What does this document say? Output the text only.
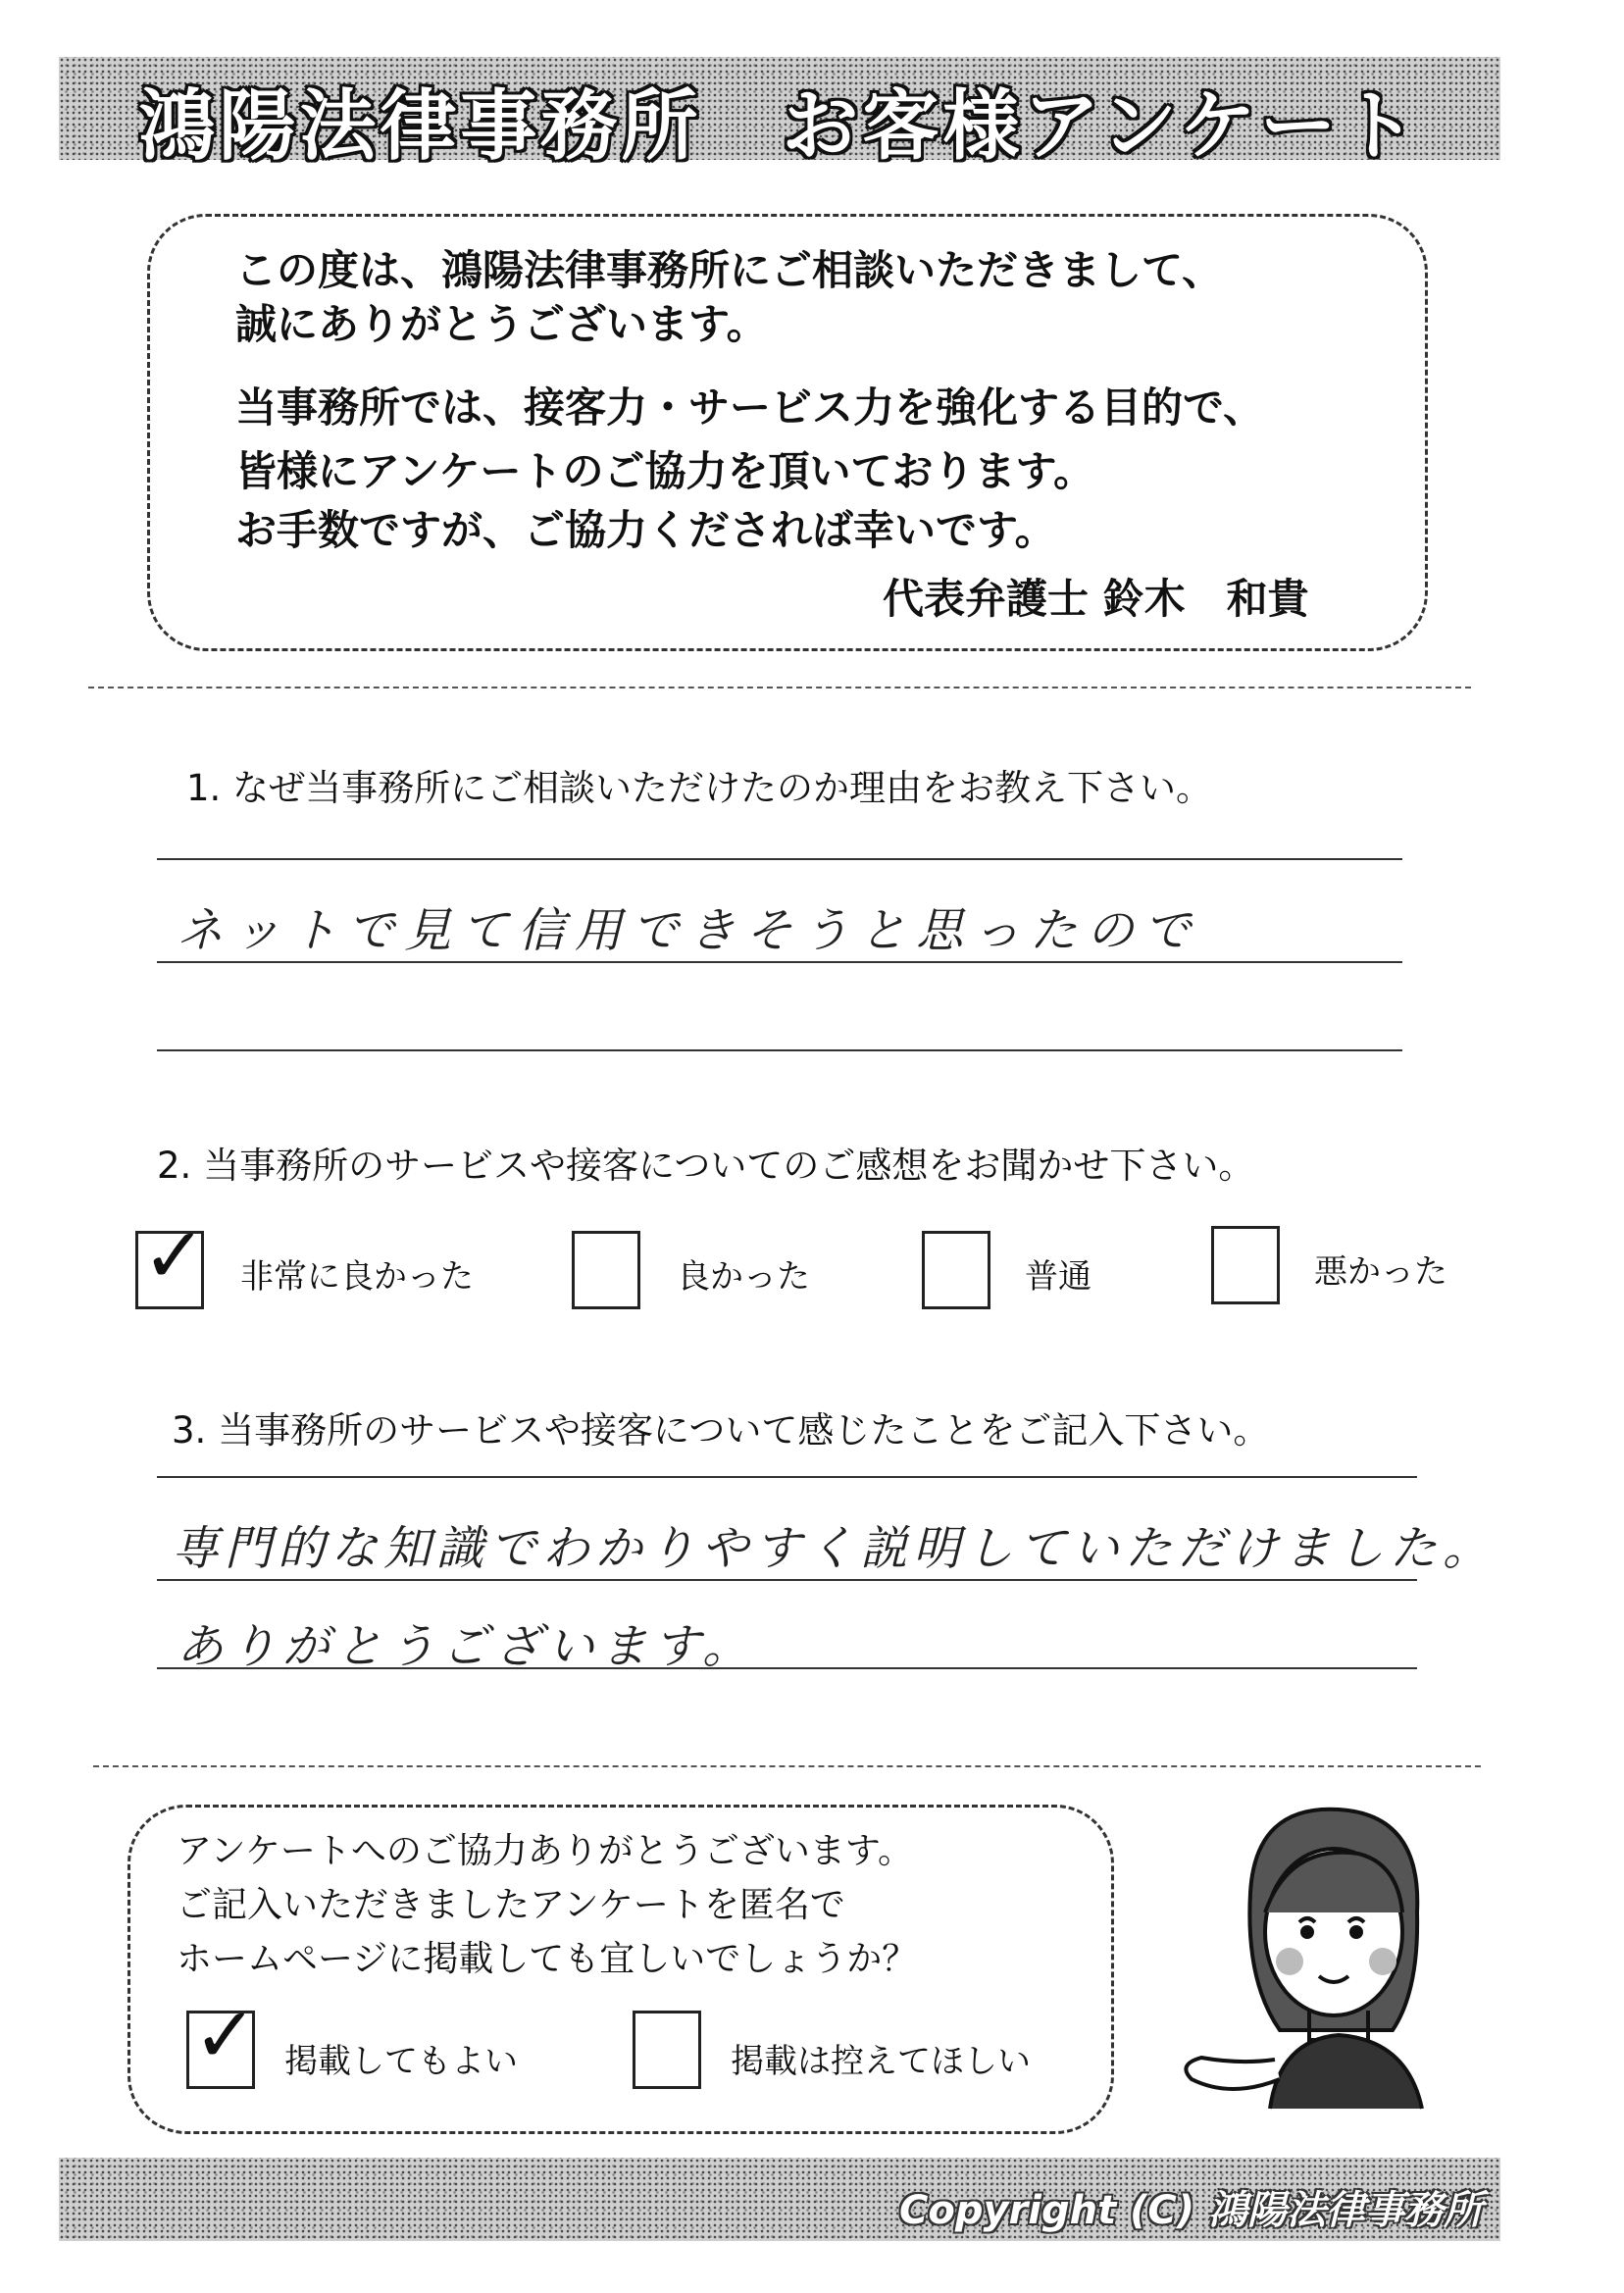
鴻陽法律事務所　お客様アンケート
この度は、鴻陽法律事務所にご相談いただきまして、
誠にありがとうございます。
当事務所では、接客力・サービス力を強化する目的で、
皆様にアンケートのご協力を頂いております。
お手数ですが、ご協力くだされば幸いです。
代表弁護士 鈴木　和貴
1. なぜ当事務所にご相談いただけたのか理由をお教え下さい。
ネットで見て信用できそうと思ったので
2. 当事務所のサービスや接客についてのご感想をお聞かせ下さい。
✓ 非常に良かった	良かった	普通	悪かった
3. 当事務所のサービスや接客について感じたことをご記入下さい。
専門的な知識でわかりやすく説明していただけました。
ありがとうございます。
アンケートへのご協力ありがとうございます。
ご記入いただきましたアンケートを匿名で
ホームページに掲載しても宜しいでしょうか？
✓ 掲載してもよい	掲載は控えてほしい
Copyright (C) 鴻陽法律事務所
